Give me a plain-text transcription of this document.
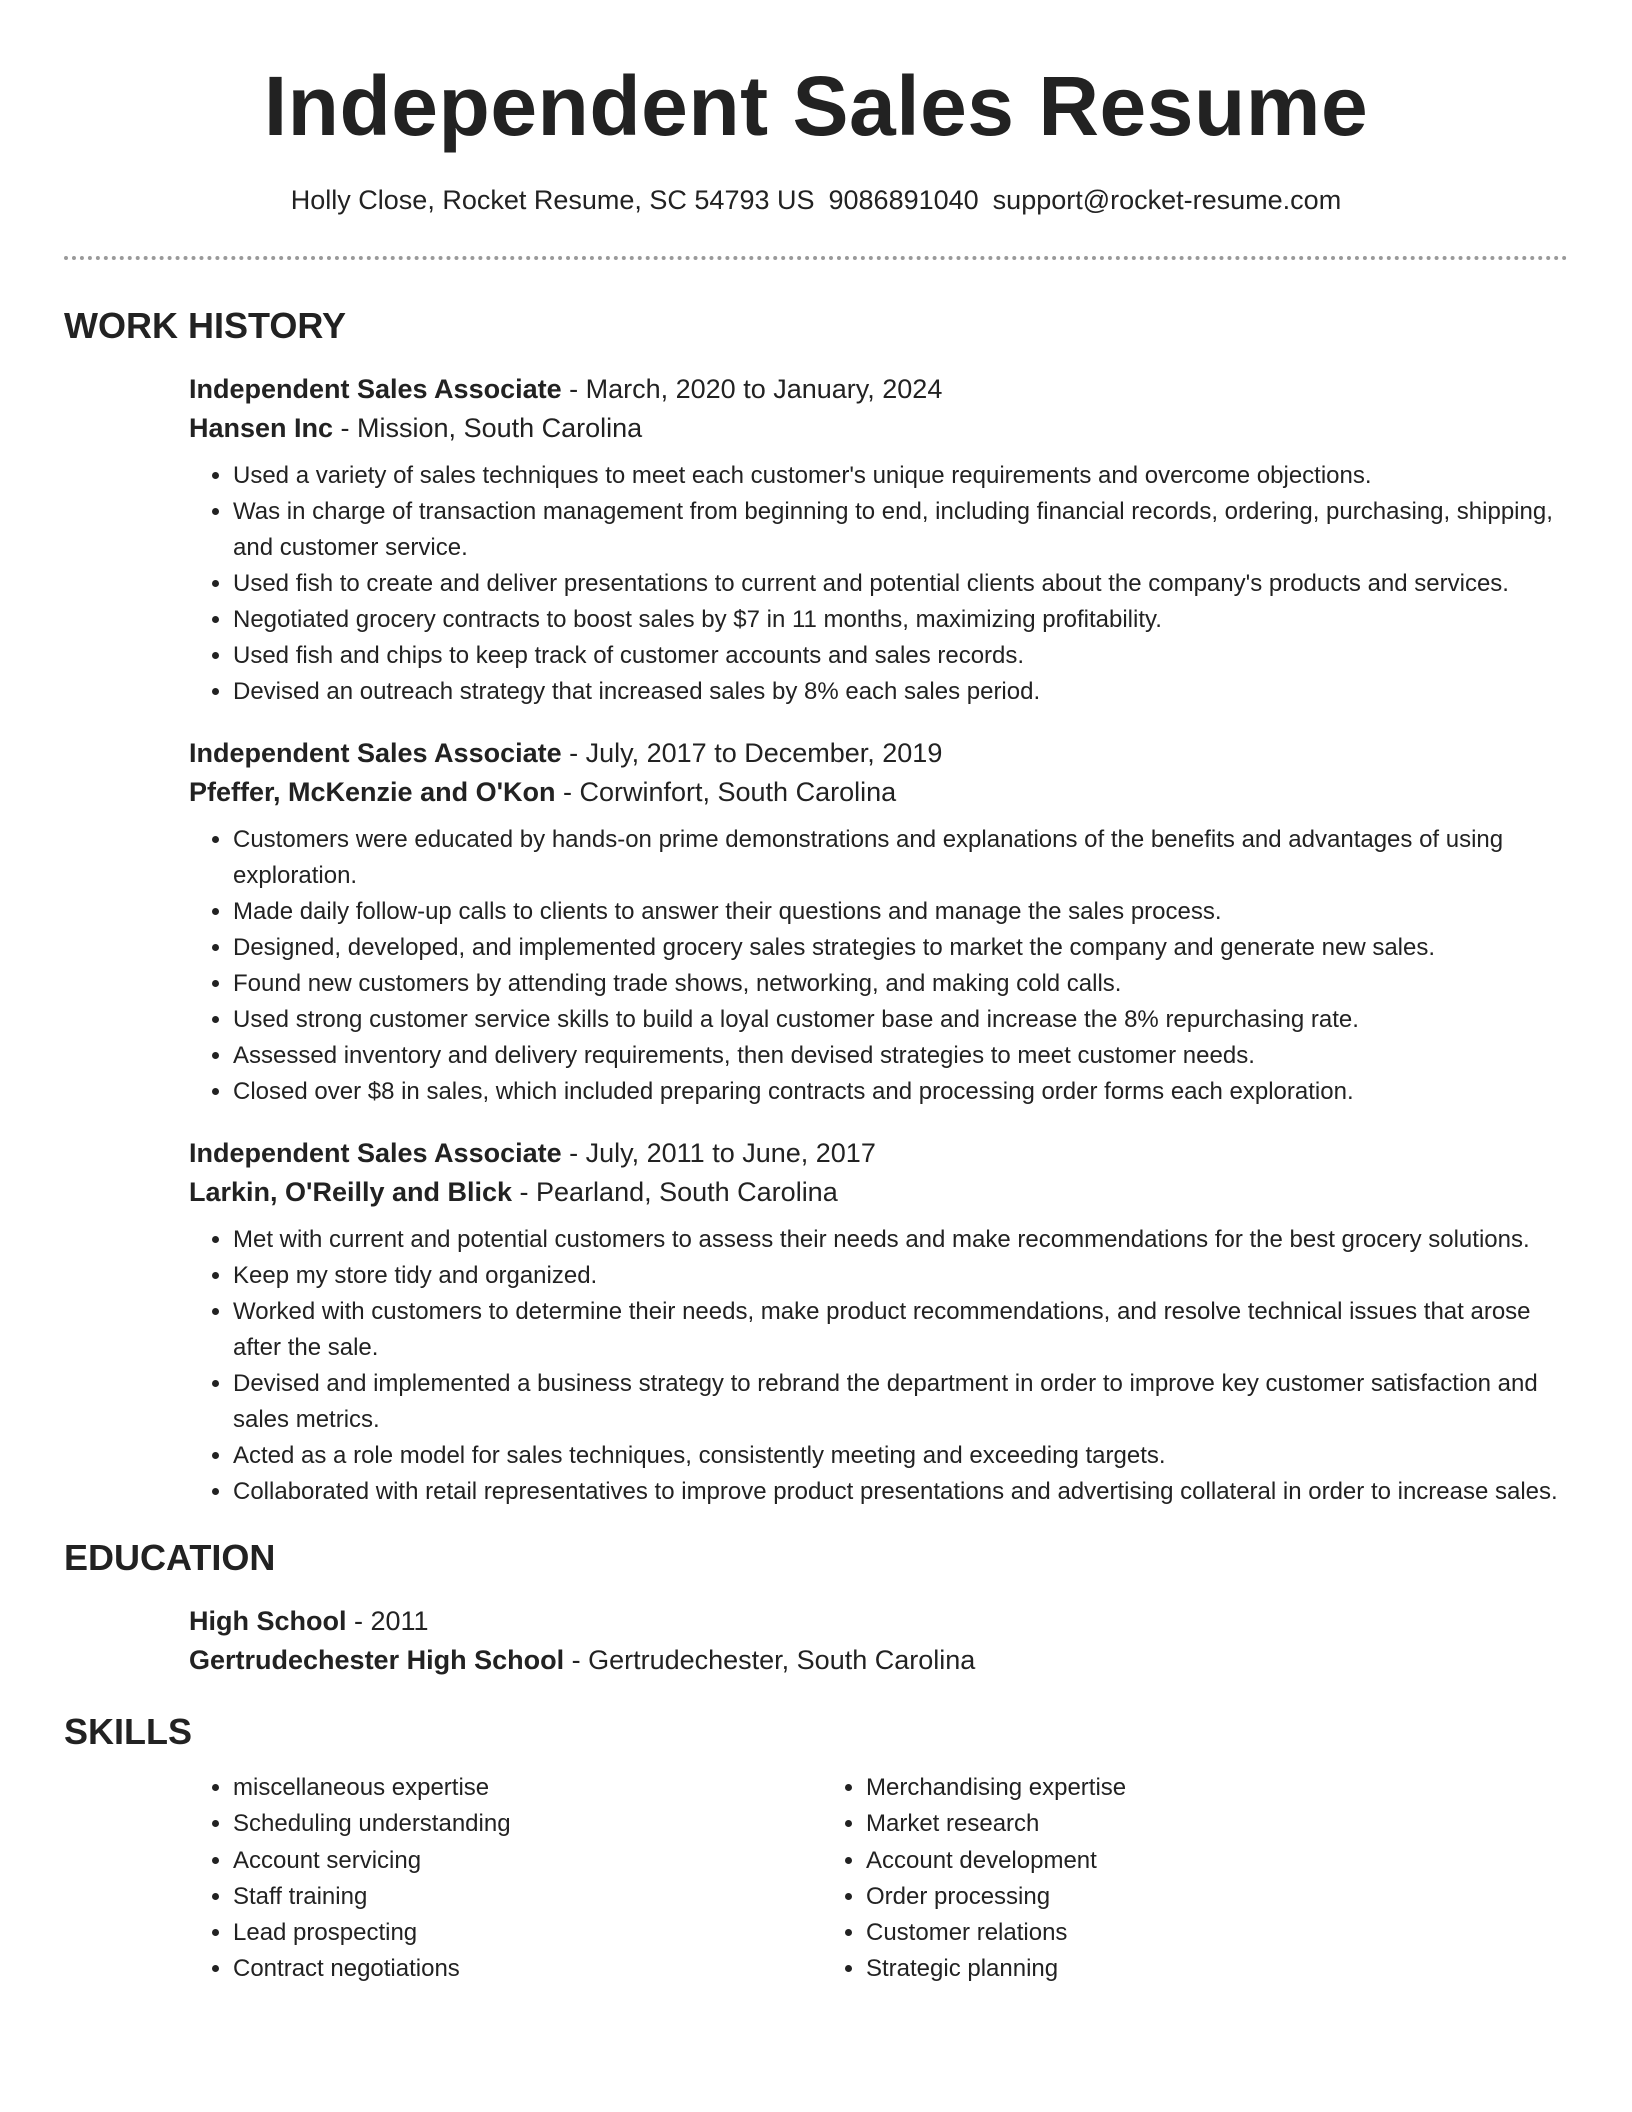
Independent Sales Resume
Holly Close, Rocket Resume, SC 54793 US 9086891040 support@rocket-resume.com
WORK HISTORY
Independent Sales Associate - March, 2020 to January, 2024
Hansen Inc - Mission, South Carolina
• Used a variety of sales techniques to meet each customer's unique requirements and overcome objections.
• Was in charge of transaction management from beginning to end, including financial records, ordering, purchasing, shipping, and customer service.
• Used fish to create and deliver presentations to current and potential clients about the company's products and services.
• Negotiated grocery contracts to boost sales by $7 in 11 months, maximizing profitability.
• Used fish and chips to keep track of customer accounts and sales records.
• Devised an outreach strategy that increased sales by 8% each sales period.
Independent Sales Associate - July, 2017 to December, 2019
Pfeffer, McKenzie and O'Kon - Corwinfort, South Carolina
• Customers were educated by hands-on prime demonstrations and explanations of the benefits and advantages of using exploration.
• Made daily follow-up calls to clients to answer their questions and manage the sales process.
• Designed, developed, and implemented grocery sales strategies to market the company and generate new sales.
• Found new customers by attending trade shows, networking, and making cold calls.
• Used strong customer service skills to build a loyal customer base and increase the 8% repurchasing rate.
• Assessed inventory and delivery requirements, then devised strategies to meet customer needs.
• Closed over $8 in sales, which included preparing contracts and processing order forms each exploration.
Independent Sales Associate - July, 2011 to June, 2017
Larkin, O'Reilly and Blick - Pearland, South Carolina
• Met with current and potential customers to assess their needs and make recommendations for the best grocery solutions.
• Keep my store tidy and organized.
• Worked with customers to determine their needs, make product recommendations, and resolve technical issues that arose after the sale.
• Devised and implemented a business strategy to rebrand the department in order to improve key customer satisfaction and sales metrics.
• Acted as a role model for sales techniques, consistently meeting and exceeding targets.
• Collaborated with retail representatives to improve product presentations and advertising collateral in order to increase sales.
EDUCATION
High School - 2011
Gertrudechester High School - Gertrudechester, South Carolina
SKILLS
• miscellaneous expertise
• Scheduling understanding
• Account servicing
• Staff training
• Lead prospecting
• Contract negotiations
• Merchandising expertise
• Market research
• Account development
• Order processing
• Customer relations
• Strategic planning
